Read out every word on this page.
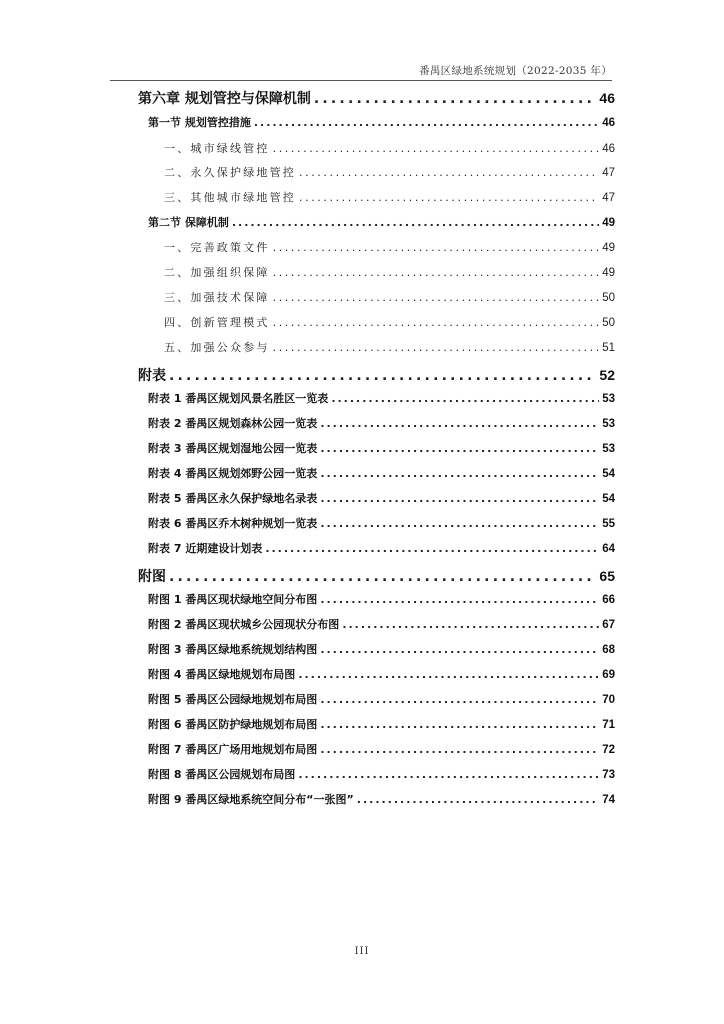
番禺区绿地系统规划（2022-2035 年）
第六章 规划管控与保障机制 .....	46
第一节 规划管控措施 .....	46
一、城市绿线管控 .....	46
二、永久保护绿地管控 .....	47
三、其他城市绿地管控 .....	47
第二节 保障机制 .....	49
一、完善政策文件 .....	49
二、加强组织保障 .....	49
三、加强技术保障 .....	50
四、创新管理模式 .....	50
五、加强公众参与 .....	51
附表 .....	52
附表 1 番禺区规划风景名胜区一览表 .....	53
附表 2 番禺区规划森林公园一览表 .....	53
附表 3 番禺区规划湿地公园一览表 .....	53
附表 4 番禺区规划郊野公园一览表 .....	54
附表 5 番禺区永久保护绿地名录表 .....	54
附表 6 番禺区乔木树种规划一览表 .....	55
附表 7 近期建设计划表 .....	64
附图 .....	65
附图 1 番禺区现状绿地空间分布图 .....	66
附图 2 番禺区现状城乡公园现状分布图 .....	67
附图 3 番禺区绿地系统规划结构图 .....	68
附图 4 番禺区绿地规划布局图 .....	69
附图 5 番禺区公园绿地规划布局图 .....	70
附图 6 番禺区防护绿地规划布局图 .....	71
附图 7 番禺区广场用地规划布局图 .....	72
附图 8 番禺区公园规划布局图 .....	73
附图 9 番禺区绿地系统空间分布“一张图” .....	74
III
